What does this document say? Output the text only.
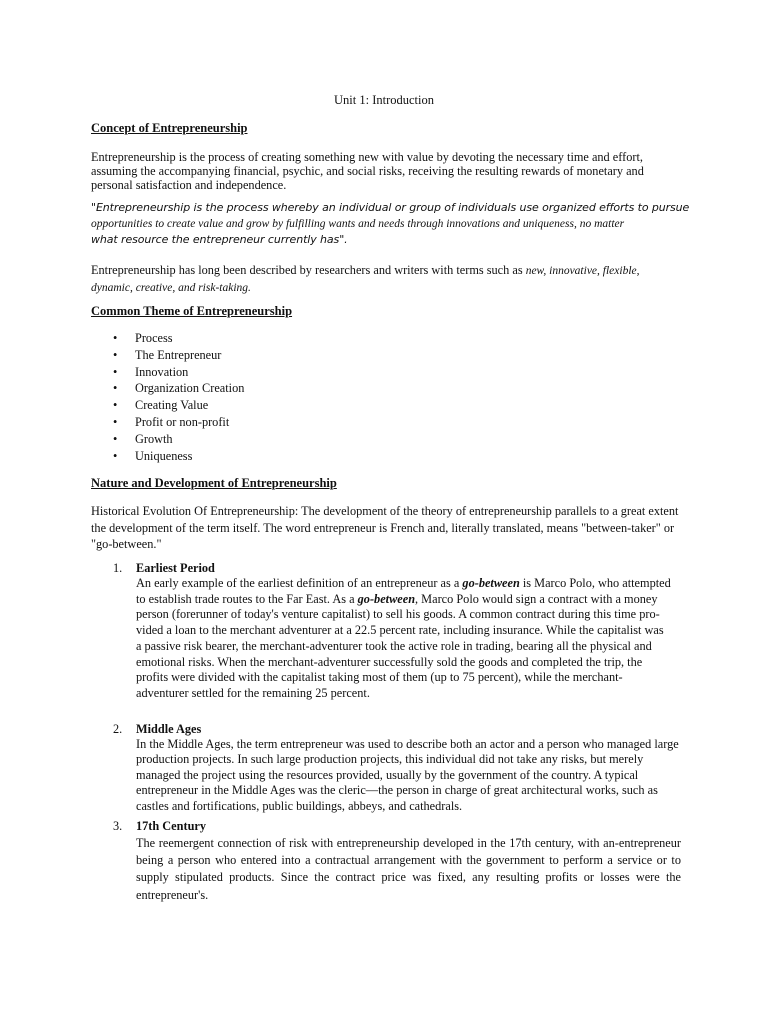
Unit 1: Introduction
Concept of Entrepreneurship
Entrepreneurship is the process of creating something new with value by devoting the necessary time and effort, assuming the accompanying financial, psychic, and social risks, receiving the resulting rewards of monetary and personal satisfaction and independence.
"Entrepreneurship is the process whereby an individual or group of individuals use organized efforts to pursue
opportunities to create value and grow by fulfilling wants and needs through innovations and uniqueness, no matter
what resource the entrepreneur currently has".
Entrepreneurship has long been described by researchers and writers with terms such as new, innovative, flexible,
dynamic, creative, and risk-taking.
Common Theme of Entrepreneurship
• Process
• The Entrepreneur
• Innovation
• Organization Creation
• Creating Value
• Profit or non-profit
• Growth
• Uniqueness
Nature and Development of Entrepreneurship
Historical Evolution Of Entrepreneurship: The development of the theory of entrepreneurship parallels to a great extent
the development of the term itself. The word entrepreneur is French and, literally translated, means "between-taker" or
"go-between."
1.	Earliest Period
An early example of the earliest definition of an entrepreneur as a go-between is Marco Polo, who attempted
to establish trade routes to the Far East. As a go-between, Marco Polo would sign a contract with a money
person (forerunner of today's venture capitalist) to sell his goods. A common contract during this time pro-
vided a loan to the merchant adventurer at a 22.5 percent rate, including insurance. While the capitalist was
a passive risk bearer, the merchant-adventurer took the active role in trading, bearing all the physical and
emotional risks. When the merchant-adventurer successfully sold the goods and completed the trip, the
profits were divided with the capitalist taking most of them (up to 75 percent), while the merchant-
adventurer settled for the remaining 25 percent.
2.	Middle Ages
In the Middle Ages, the term entrepreneur was used to describe both an actor and a person who managed large
production projects. In such large production projects, this individual did not take any risks, but merely
managed the project using the resources provided, usually by the government of the country. A typical
entrepreneur in the Middle Ages was the cleric—the person in charge of great architectural works, such as
castles and fortifications, public buildings, abbeys, and cathedrals.
3.	17th Century
The reemergent connection of risk with entrepreneurship developed in the 17th century, with an-entrepreneur
being a person who entered into a contractual arrangement with the government to perform a service or to
supply stipulated products. Since the contract price was fixed, any resulting profits or losses were the
entrepreneur's.
